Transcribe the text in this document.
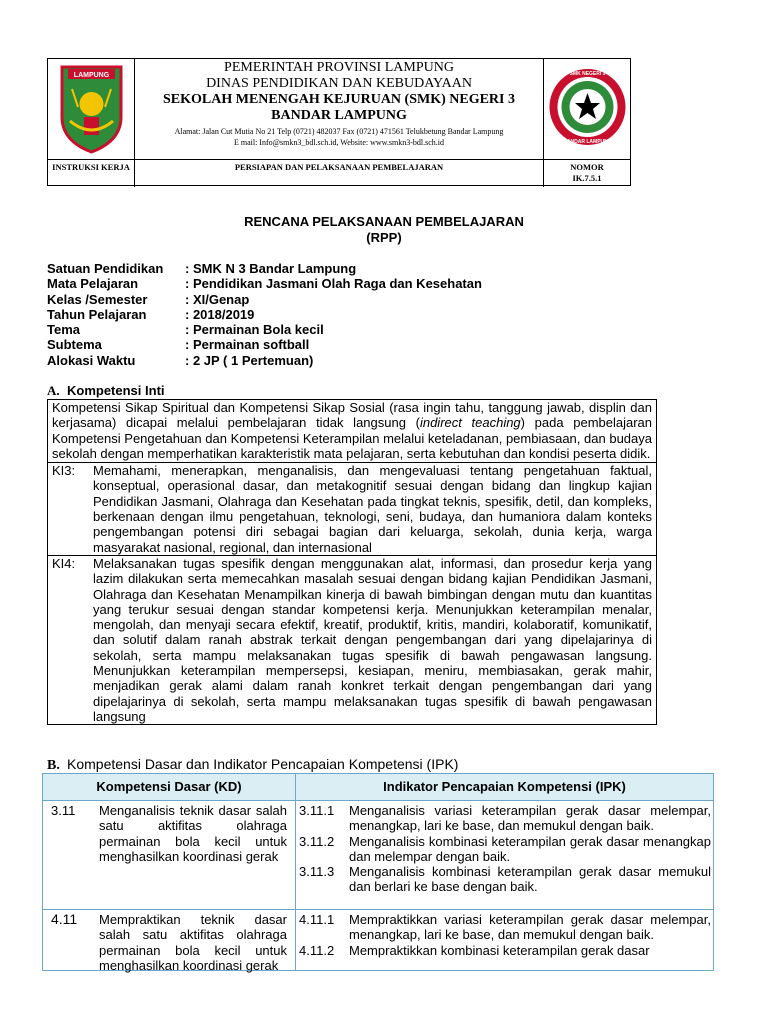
LAMPUNG
PEMERINTAH PROVINSI LAMPUNG
DINAS PENDIDIKAN DAN KEBUDAYAAN
SEKOLAH MENENGAH KEJURUAN (SMK) NEGERI 3
BANDAR LAMPUNG
Alamat: Jalan Cut Mutia No 21 Telp (0721) 482037 Fax (0721) 471561 Telukbetung Bandar Lampung
E mail: Info@smkn3_bdl.sch.id, Website: www.smkn3-bdl.sch.id
SMK NEGERI 3
BANDAR LAMPUNG
INSTRUKSI KERJA	PERSIAPAN DAN PELAKSANAAN PEMBELAJARAN	NOMOR
IK.7.5.1
RENCANA PELAKSANAAN PEMBELAJARAN
(RPP)
Satuan Pendidikan : SMK N 3 Bandar Lampung
Mata Pelajaran	: Pendidikan Jasmani Olah Raga dan Kesehatan
Kelas /Semester	: XI/Genap
Tahun Pelajaran	: 2018/2019
Tema	: Permainan Bola kecil
Subtema	: Permainan softball
Alokasi Waktu	: 2 JP ( 1 Pertemuan)
A. Kompetensi Inti
Kompetensi Sikap Spiritual dan Kompetensi Sikap Sosial (rasa ingin tahu, tanggung jawab, displin dan kerjasama) dicapai melalui pembelajaran tidak langsung (indirect teaching) pada pembelajaran Kompetensi Pengetahuan dan Kompetensi Keterampilan melalui keteladanan, pembiasaan, dan budaya sekolah dengan memperhatikan karakteristik mata pelajaran, serta kebutuhan dan kondisi peserta didik.
KI3: Memahami, menerapkan, menganalisis, dan mengevaluasi tentang pengetahuan faktual, konseptual, operasional dasar, dan metakognitif sesuai dengan bidang dan lingkup kajian Pendidikan Jasmani, Olahraga dan Kesehatan pada tingkat teknis, spesifik, detil, dan kompleks, berkenaan dengan ilmu pengetahuan, teknologi, seni, budaya, dan humaniora dalam konteks pengembangan potensi diri sebagai bagian dari keluarga, sekolah, dunia kerja, warga masyarakat nasional, regional, dan internasional
KI4: Melaksanakan tugas spesifik dengan menggunakan alat, informasi, dan prosedur kerja yang lazim dilakukan serta memecahkan masalah sesuai dengan bidang kajian Pendidikan Jasmani, Olahraga dan Kesehatan Menampilkan kinerja di bawah bimbingan dengan mutu dan kuantitas yang terukur sesuai dengan standar kompetensi kerja. Menunjukkan keterampilan menalar, mengolah, dan menyaji secara efektif, kreatif, produktif, kritis, mandiri, kolaboratif, komunikatif, dan solutif dalam ranah abstrak terkait dengan pengembangan dari yang dipelajarinya di sekolah, serta mampu melaksanakan tugas spesifik di bawah pengawasan langsung. Menunjukkan keterampilan mempersepsi, kesiapan, meniru, membiasakan, gerak mahir, menjadikan gerak alami dalam ranah konkret terkait dengan pengembangan dari yang dipelajarinya di sekolah, serta mampu melaksanakan tugas spesifik di bawah pengawasan langsung
B. Kompetensi Dasar dan Indikator Pencapaian Kompetensi (IPK)
Kompetensi Dasar (KD)	Indikator Pencapaian Kompetensi (IPK)
3.11 Menganalisis teknik dasar salah satu aktifitas olahraga permainan bola kecil untuk menghasilkan koordinasi gerak
3.11.1 Menganalisis variasi keterampilan gerak dasar melempar, menangkap, lari ke base, dan memukul dengan baik.
3.11.2 Menganalisis kombinasi keterampilan gerak dasar menangkap dan melempar dengan baik.
3.11.3 Menganalisis kombinasi keterampilan gerak dasar memukul dan berlari ke base dengan baik.
4.11 Mempraktikan teknik dasar salah satu aktifitas olahraga permainan bola kecil untuk menghasilkan koordinasi gerak
4.11.1 Mempraktikkan variasi keterampilan gerak dasar melempar, menangkap, lari ke base, dan memukul dengan baik.
4.11.2 Mempraktikkan kombinasi keterampilan gerak dasar
